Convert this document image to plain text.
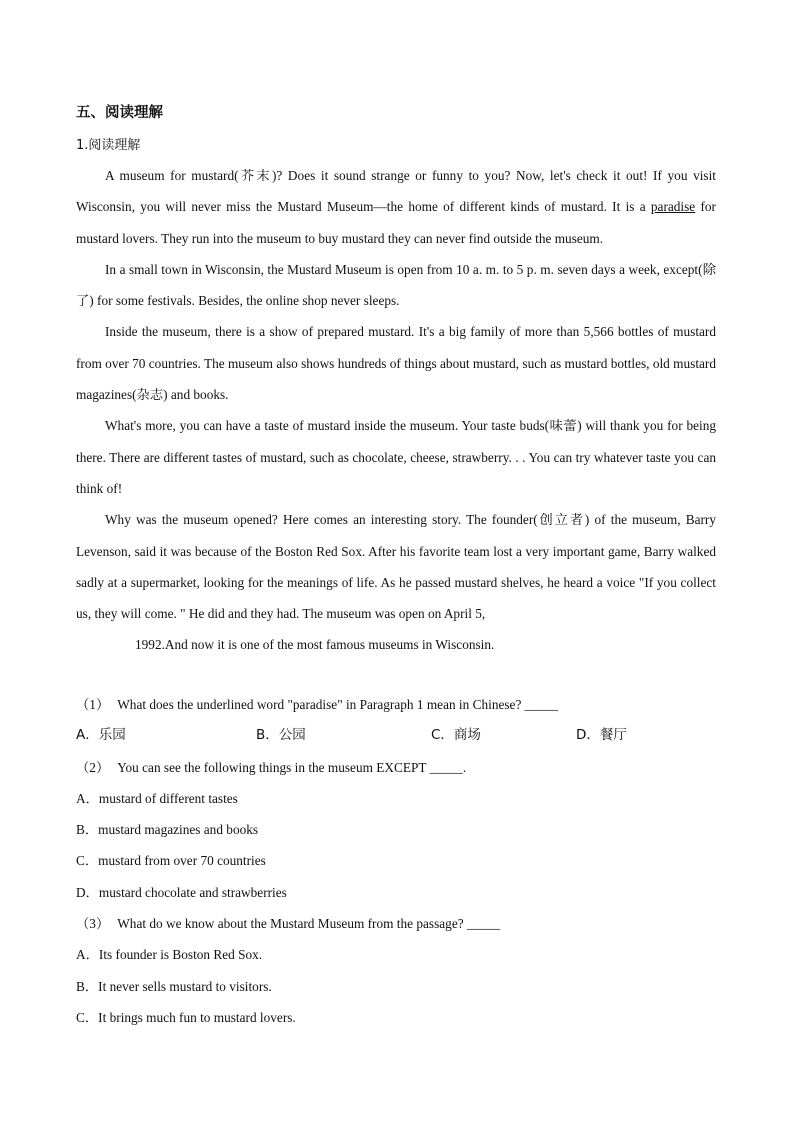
五、阅读理解
1.阅读理解

A museum for mustard(芥末)? Does it sound strange or funny to you? Now, let's check it out! If you visit Wisconsin, you will never miss the Mustard Museum—the home of different kinds of mustard. It is a paradise for mustard lovers. They run into the museum to buy mustard they can never find outside the museum.

In a small town in Wisconsin, the Mustard Museum is open from 10 a. m. to 5 p. m. seven days a week, except(除了) for some festivals. Besides, the online shop never sleeps.

Inside the museum, there is a show of prepared mustard. It's a big family of more than 5,566 bottles of mustard from over 70 countries. The museum also shows hundreds of things about mustard, such as mustard bottles, old mustard magazines(杂志) and books.

What's more, you can have a taste of mustard inside the museum. Your taste buds(味蕾) will thank you for being there. There are different tastes of mustard, such as chocolate, cheese, strawberry. . . You can try whatever taste you can think of!

Why was the museum opened? Here comes an interesting story. The founder(创立者) of the museum, Barry Levenson, said it was because of the Boston Red Sox. After his favorite team lost a very important game, Barry walked sadly at a supermarket, looking for the meanings of life. As he passed mustard shelves, he heard a voice "If you collect us, they will come. " He did and they had. The museum was open on April 5,
1992.And now it is one of the most famous museums in Wisconsin.

（1） What does the underlined word "paradise" in Paragraph 1 mean in Chinese? _____
A．乐园	B．公园	C．商场	D．餐厅
（2） You can see the following things in the museum EXCEPT _____.
A．mustard of different tastes
B．mustard magazines and books
C．mustard from over 70 countries
D．mustard chocolate and strawberries
（3） What do we know about the Mustard Museum from the passage? _____
A．Its founder is Boston Red Sox.
B．It never sells mustard to visitors.
C．It brings much fun to mustard lovers.
